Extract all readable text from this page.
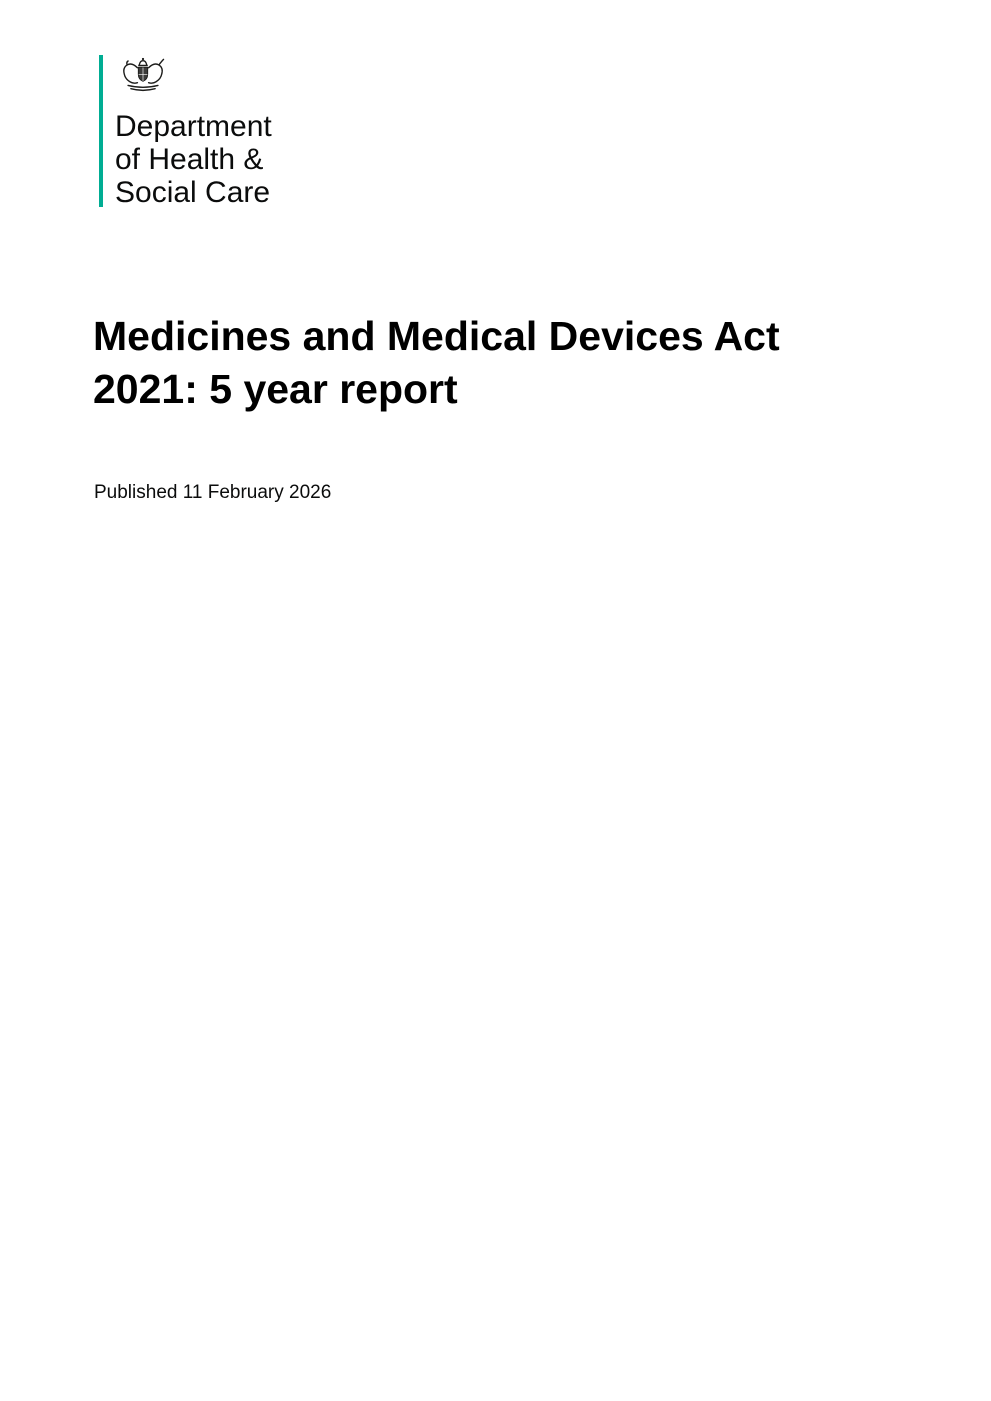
Department
of Health &
Social Care
Medicines and Medical Devices Act
2021: 5 year report
Published 11 February 2026
